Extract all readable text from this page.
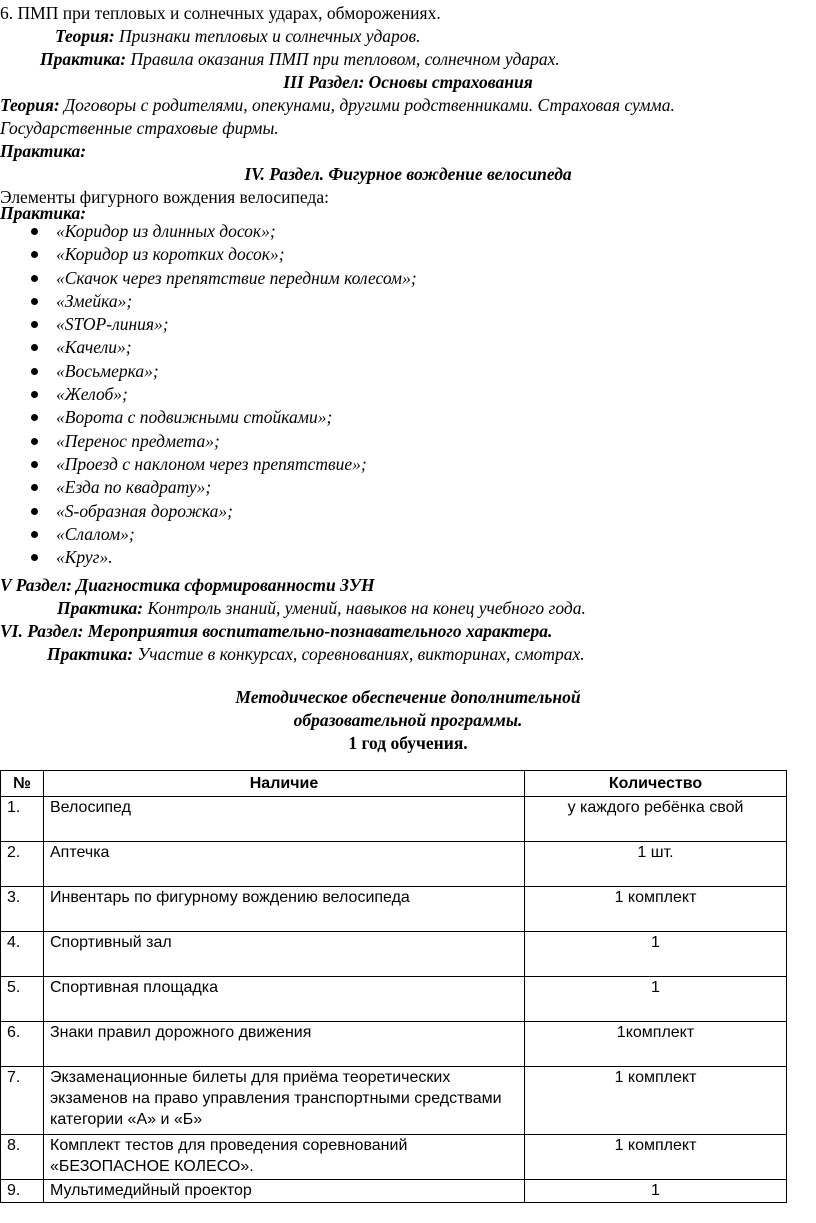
6. ПМП при тепловых и солнечных ударах, обморожениях.
Теория: Признаки тепловых и солнечных ударов.
Практика: Правила оказания ПМП при тепловом, солнечном ударах.
III Раздел: Основы страхования
Теория: Договоры с родителями, опекунами, другими родственниками. Страховая сумма.
Государственные страховые фирмы.
Практика:
IV. Раздел. Фигурное вождение велосипеда
Элементы фигурного вождения велосипеда:
Практика:
«Коридор из длинных досок»;
«Коридор из коротких досок»;
«Скачок через препятствие передним колесом»;
«Змейка»;
«STOP-линия»;
«Качели»;
«Восьмерка»;
«Желоб»;
«Ворота с подвижными стойками»;
«Перенос предмета»;
«Проезд с наклоном через препятствие»;
«Езда по квадрату»;
«S-образная дорожка»;
«Слалом»;
«Круг».
V Раздел: Диагностика сформированности ЗУН
Практика: Контроль знаний, умений, навыков на конец учебного года.
VI. Раздел: Мероприятия воспитательно-познавательного характера.
Практика: Участие в конкурсах, соревнованиях, викторинах, смотрах.
Методическое обеспечение дополнительной
образовательной программы.
1 год обучения.
№	Наличие	Количество
1.	Велосипед	у каждого ребёнка свой
2.	Аптечка	1 шт.
3.	Инвентарь по фигурному вождению велосипеда	1 комплект
4.	Спортивный зал	1
5.	Спортивная площадка	1
6.	Знаки правил дорожного движения	1комплект
7.	Экзаменационные билеты для приёма теоретических экзаменов на право управления транспортными средствами категории «А» и «Б»	1 комплект
8.	Комплект тестов для проведения соревнований «БЕЗОПАСНОЕ КОЛЕСО».	1 комплект
9.	Мультимедийный проектор	1
